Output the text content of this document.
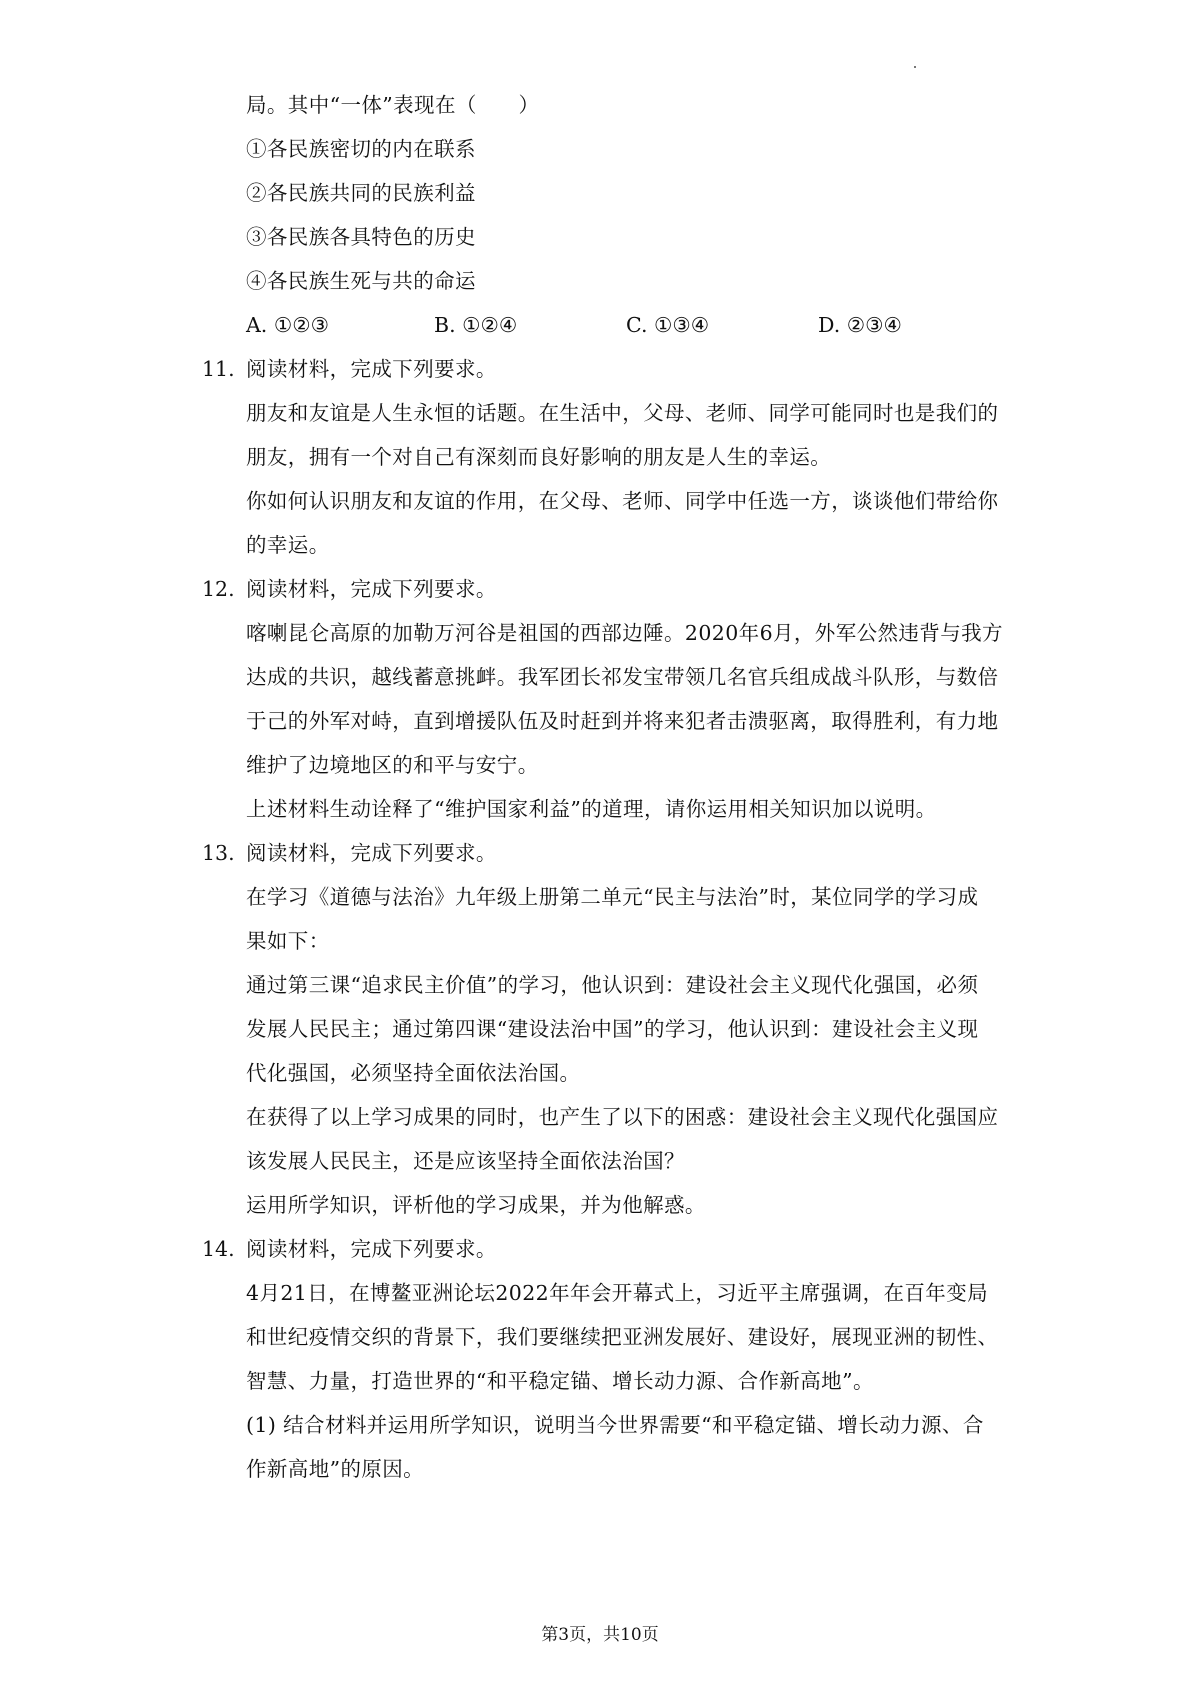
局。其中“一体”表现在（　　）
①各民族密切的内在联系
②各民族共同的民族利益
③各民族各具特色的历史
④各民族生死与共的命运
A. ①②③	B. ①②④	C. ①③④	D. ②③④
11. 阅读材料，完成下列要求。
朋友和友谊是人生永恒的话题。在生活中，父母、老师、同学可能同时也是我们的
朋友，拥有一个对自己有深刻而良好影响的朋友是人生的幸运。
你如何认识朋友和友谊的作用，在父母、老师、同学中任选一方，谈谈他们带给你
的幸运。
12. 阅读材料，完成下列要求。
喀喇昆仑高原的加勒万河谷是祖国的西部边陲。2020年6月，外军公然违背与我方
达成的共识，越线蓄意挑衅。我军团长祁发宝带领几名官兵组成战斗队形，与数倍
于己的外军对峙，直到增援队伍及时赶到并将来犯者击溃驱离，取得胜利，有力地
维护了边境地区的和平与安宁。
上述材料生动诠释了“维护国家利益”的道理，请你运用相关知识加以说明。
13. 阅读材料，完成下列要求。
在学习《道德与法治》九年级上册第二单元“民主与法治”时，某位同学的学习成
果如下：
通过第三课“追求民主价值”的学习，他认识到：建设社会主义现代化强国，必须
发展人民民主；通过第四课“建设法治中国”的学习，他认识到：建设社会主义现
代化强国，必须坚持全面依法治国。
在获得了以上学习成果的同时，也产生了以下的困惑：建设社会主义现代化强国应
该发展人民民主，还是应该坚持全面依法治国？
运用所学知识，评析他的学习成果，并为他解惑。
14. 阅读材料，完成下列要求。
4月21日，在博鳌亚洲论坛2022年年会开幕式上，习近平主席强调，在百年变局
和世纪疫情交织的背景下，我们要继续把亚洲发展好、建设好，展现亚洲的韧性、
智慧、力量，打造世界的“和平稳定锚、增长动力源、合作新高地”。
(1) 结合材料并运用所学知识，说明当今世界需要“和平稳定锚、增长动力源、合
作新高地”的原因。
第3页，共10页
